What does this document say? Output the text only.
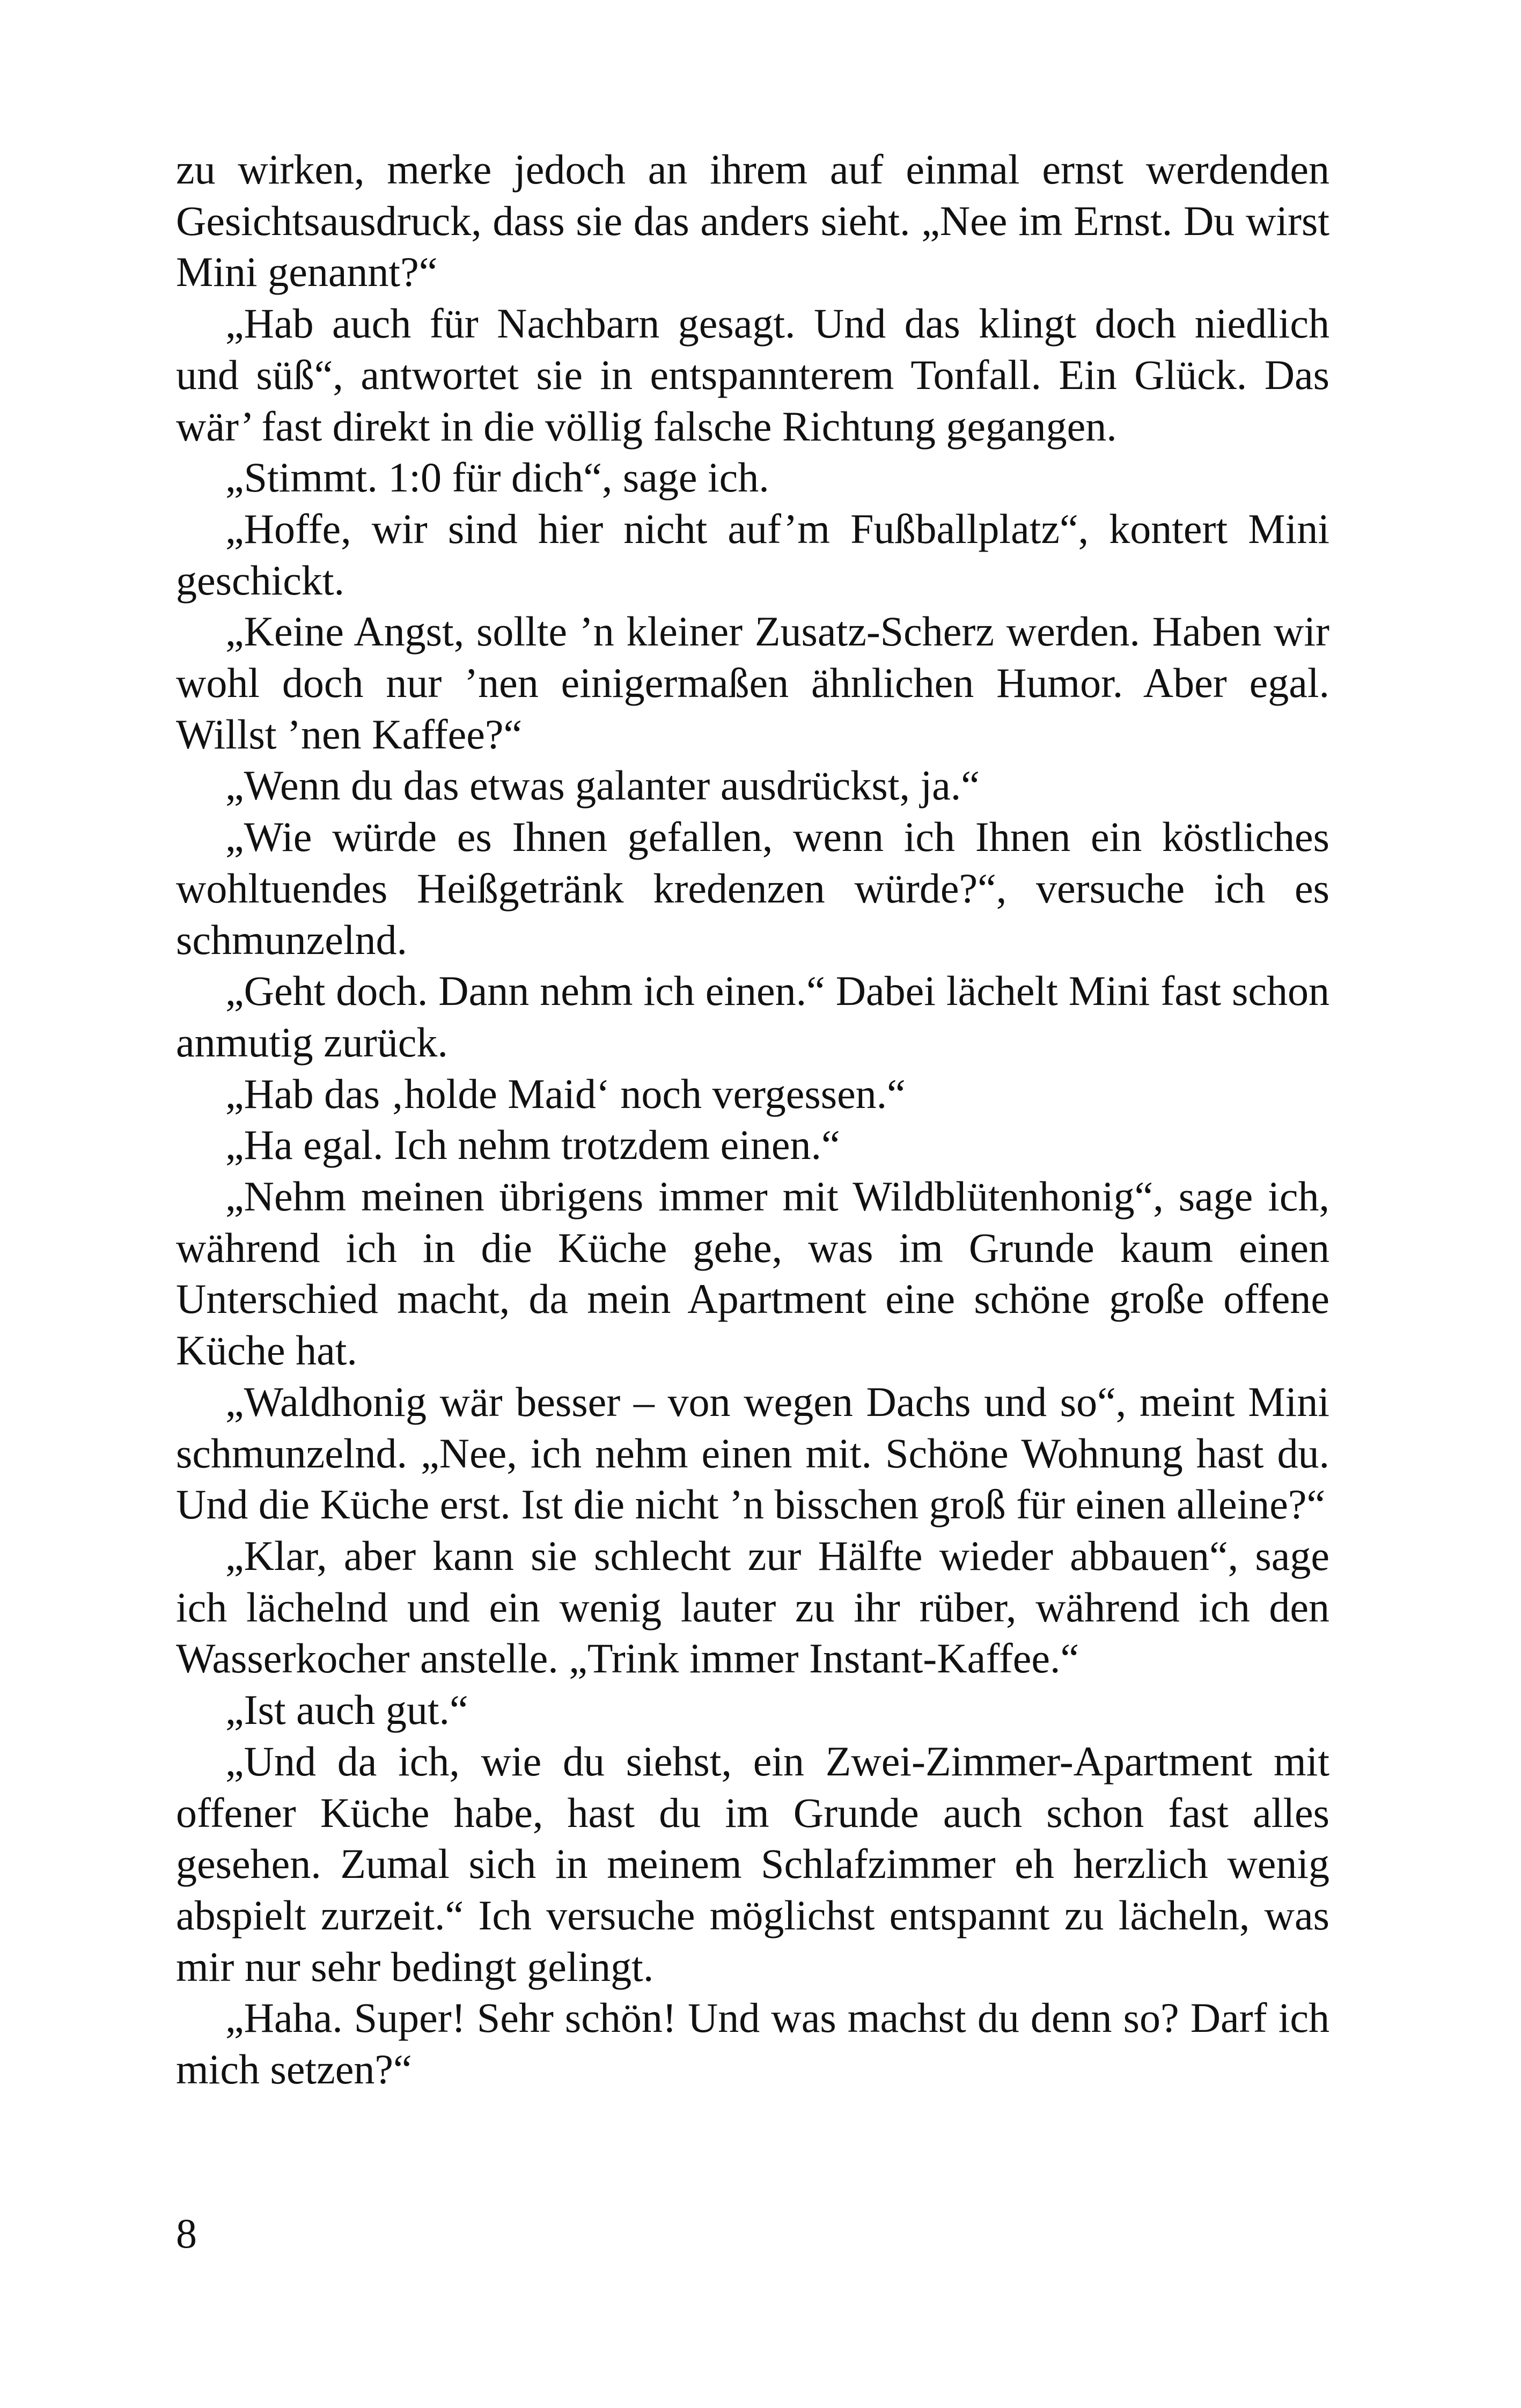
zu wirken, merke jedoch an ihrem auf einmal ernst werdenden Gesichtsausdruck, dass sie das anders sieht. „Nee im Ernst. Du wirst Mini genannt?“

„Hab auch für Nachbarn gesagt. Und das klingt doch niedlich und süß“, antwortet sie in entspannterem Tonfall. Ein Glück. Das wär’ fast direkt in die völlig falsche Richtung gegangen.

„Stimmt. 1:0 für dich“, sage ich.

„Hoffe, wir sind hier nicht auf’m Fußballplatz“, kontert Mini geschickt.

„Keine Angst, sollte ’n kleiner Zusatz-Scherz werden. Haben wir wohl doch nur ’nen einigermaßen ähnlichen Humor. Aber egal. Willst ’nen Kaffee?“

„Wenn du das etwas galanter ausdrückst, ja.“

„Wie würde es Ihnen gefallen, wenn ich Ihnen ein köstliches wohltuendes Heißgetränk kredenzen würde?“, versuche ich es schmunzelnd.

„Geht doch. Dann nehm ich einen.“ Dabei lächelt Mini fast schon anmutig zurück.

„Hab das ‚holde Maid‘ noch vergessen.“

„Ha egal. Ich nehm trotzdem einen.“

„Nehm meinen übrigens immer mit Wildblütenhonig“, sage ich, während ich in die Küche gehe, was im Grunde kaum einen Unterschied macht, da mein Apartment eine schöne große offene Küche hat.

„Waldhonig wär besser – von wegen Dachs und so“, meint Mini schmunzelnd. „Nee, ich nehm einen mit. Schöne Wohnung hast du. Und die Küche erst. Ist die nicht ’n bisschen groß für einen alleine?“

„Klar, aber kann sie schlecht zur Hälfte wieder abbauen“, sage ich lächelnd und ein wenig lauter zu ihr rüber, während ich den Wasserkocher anstelle. „Trink immer Instant-Kaffee.“

„Ist auch gut.“

„Und da ich, wie du siehst, ein Zwei-Zimmer-Apartment mit offener Küche habe, hast du im Grunde auch schon fast alles gesehen. Zumal sich in meinem Schlafzimmer eh herzlich wenig abspielt zurzeit.“ Ich versuche möglichst entspannt zu lächeln, was mir nur sehr bedingt gelingt.

„Haha. Super! Sehr schön! Und was machst du denn so? Darf ich mich setzen?“

8
